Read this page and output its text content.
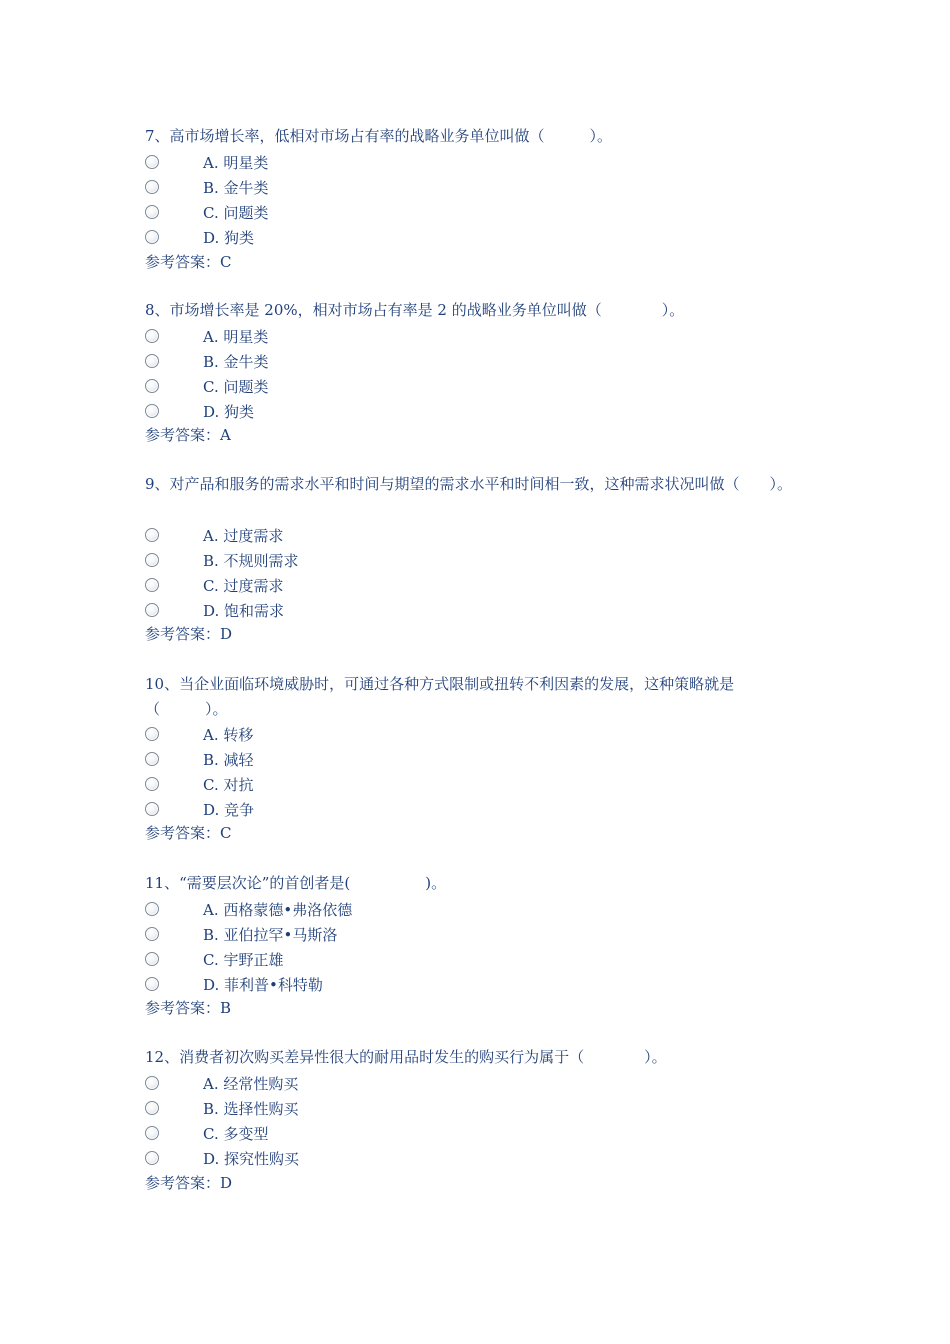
7、高市场增长率，低相对市场占有率的战略业务单位叫做（　　　）。

A. 明星类
B. 金牛类
C. 问题类
D. 狗类
参考答案：C

8、市场增长率是 20%，相对市场占有率是 2 的战略业务单位叫做（　　　　）。

A. 明星类
B. 金牛类
C. 问题类
D. 狗类
参考答案：A

9、对产品和服务的需求水平和时间与期望的需求水平和时间相一致，这种需求状况叫做（　　）。

A. 过度需求
B. 不规则需求
C. 过度需求
D. 饱和需求
参考答案：D

10、当企业面临环境威胁时，可通过各种方式限制或扭转不利因素的发展，这种策略就是（　　　）。

A. 转移
B. 减轻
C. 对抗
D. 竞争
参考答案：C

11、“需要层次论”的首创者是(　　　　　)。

A. 西格蒙德•弗洛依德
B. 亚伯拉罕•马斯洛
C. 宇野正雄
D. 菲利普•科特勒
参考答案：B

12、消费者初次购买差异性很大的耐用品时发生的购买行为属于（　　　　）。

A. 经常性购买
B. 选择性购买
C. 多变型
D. 探究性购买
参考答案：D
